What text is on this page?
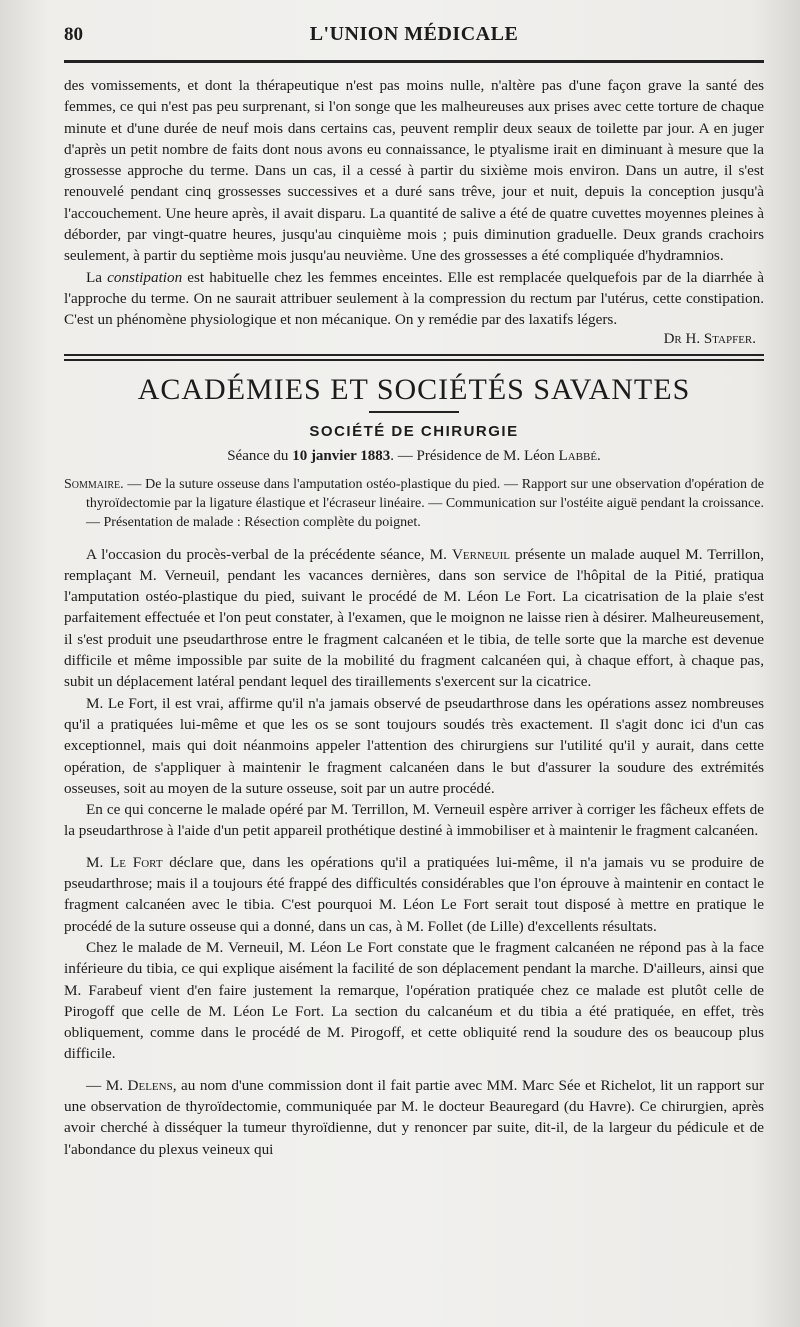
80	L'UNION MÉDICALE

des vomissements, et dont la thérapeutique n'est pas moins nulle, n'altère pas d'une façon grave la santé des femmes, ce qui n'est pas peu surprenant, si l'on songe que les malheureuses aux prises avec cette torture de chaque minute et d'une durée de neuf mois dans certains cas, peuvent remplir deux seaux de toilette par jour. A en juger d'après un petit nombre de faits dont nous avons eu connaissance, le ptyalisme irait en diminuant à mesure que la grossesse approche du terme. Dans un cas, il a cessé à partir du sixième mois environ. Dans un autre, il s'est renouvelé pendant cinq grossesses successives et a duré sans trêve, jour et nuit, depuis la conception jusqu'à l'accouchement. Une heure après, il avait disparu. La quantité de salive a été de quatre cuvettes moyennes pleines à déborder, par vingt-quatre heures, jusqu'au cinquième mois ; puis diminution graduelle. Deux grands crachoirs seulement, à partir du septième mois jusqu'au neuvième. Une des grossesses a été compliquée d'hydramnios.

La constipation est habituelle chez les femmes enceintes. Elle est remplacée quelquefois par de la diarrhée à l'approche du terme. On ne saurait attribuer seulement à la compression du rectum par l'utérus, cette constipation. C'est un phénomène physiologique et non mécanique. On y remédie par des laxatifs légers.

Dr H. Stapfer.
ACADÉMIES ET SOCIÉTÉS SAVANTES
SOCIÉTÉ DE CHIRURGIE
Séance du 10 janvier 1883. — Présidence de M. Léon Labbé.
Sommaire. — De la suture osseuse dans l'amputation ostéo-plastique du pied. — Rapport sur une observation d'opération de thyroïdectomie par la ligature élastique et l'écraseur linéaire. — Communication sur l'ostéite aiguë pendant la croissance. — Présentation de malade : Résection complète du poignet.

A l'occasion du procès-verbal de la précédente séance, M. Verneuil présente un malade auquel M. Terrillon, remplaçant M. Verneuil, pendant les vacances dernières, dans son service de l'hôpital de la Pitié, pratiqua l'amputation ostéo-plastique du pied, suivant le procédé de M. Léon Le Fort. La cicatrisation de la plaie s'est parfaitement effectuée et l'on peut constater, à l'examen, que le moignon ne laisse rien à désirer. Malheureusement, il s'est produit une pseudarthrose entre le fragment calcanéen et le tibia, de telle sorte que la marche est devenue difficile et même impossible par suite de la mobilité du fragment calcanéen qui, à chaque effort, à chaque pas, subit un déplacement latéral pendant lequel des tiraillements s'exercent sur la cicatrice.

M. Le Fort, il est vrai, affirme qu'il n'a jamais observé de pseudarthrose dans les opérations assez nombreuses qu'il a pratiquées lui-même et que les os se sont toujours soudés très exactement. Il s'agit donc ici d'un cas exceptionnel, mais qui doit néanmoins appeler l'attention des chirurgiens sur l'utilité qu'il y aurait, dans cette opération, de s'appliquer à maintenir le fragment calcanéen dans le but d'assurer la soudure des extrémités osseuses, soit au moyen de la suture osseuse, soit par un autre procédé.

En ce qui concerne le malade opéré par M. Terrillon, M. Verneuil espère arriver à corriger les fâcheux effets de la pseudarthrose à l'aide d'un petit appareil prothétique destiné à immobiliser et à maintenir le fragment calcanéen.

M. Le Fort déclare que, dans les opérations qu'il a pratiquées lui-même, il n'a jamais vu se produire de pseudarthrose; mais il a toujours été frappé des difficultés considérables que l'on éprouve à maintenir en contact le fragment calcanéen avec le tibia. C'est pourquoi M. Léon Le Fort serait tout disposé à mettre en pratique le procédé de la suture osseuse qui a donné, dans un cas, à M. Follet (de Lille) d'excellents résultats.

Chez le malade de M. Verneuil, M. Léon Le Fort constate que le fragment calcanéen ne répond pas à la face inférieure du tibia, ce qui explique aisément la facilité de son déplacement pendant la marche. D'ailleurs, ainsi que M. Farabeuf vient d'en faire justement la remarque, l'opération pratiquée chez ce malade est plutôt celle de Pirogoff que celle de M. Léon Le Fort. La section du calcanéum et du tibia a été pratiquée, en effet, très obliquement, comme dans le procédé de M. Pirogoff, et cette obliquité rend la soudure des os beaucoup plus difficile.

— M. Delens, au nom d'une commission dont il fait partie avec MM. Marc Sée et Richelot, lit un rapport sur une observation de thyroïdectomie, communiquée par M. le docteur Beauregard (du Havre). Ce chirurgien, après avoir cherché à disséquer la tumeur thyroïdienne, dut y renoncer par suite, dit-il, de la largeur du pédicule et de l'abondance du plexus veineux qui
